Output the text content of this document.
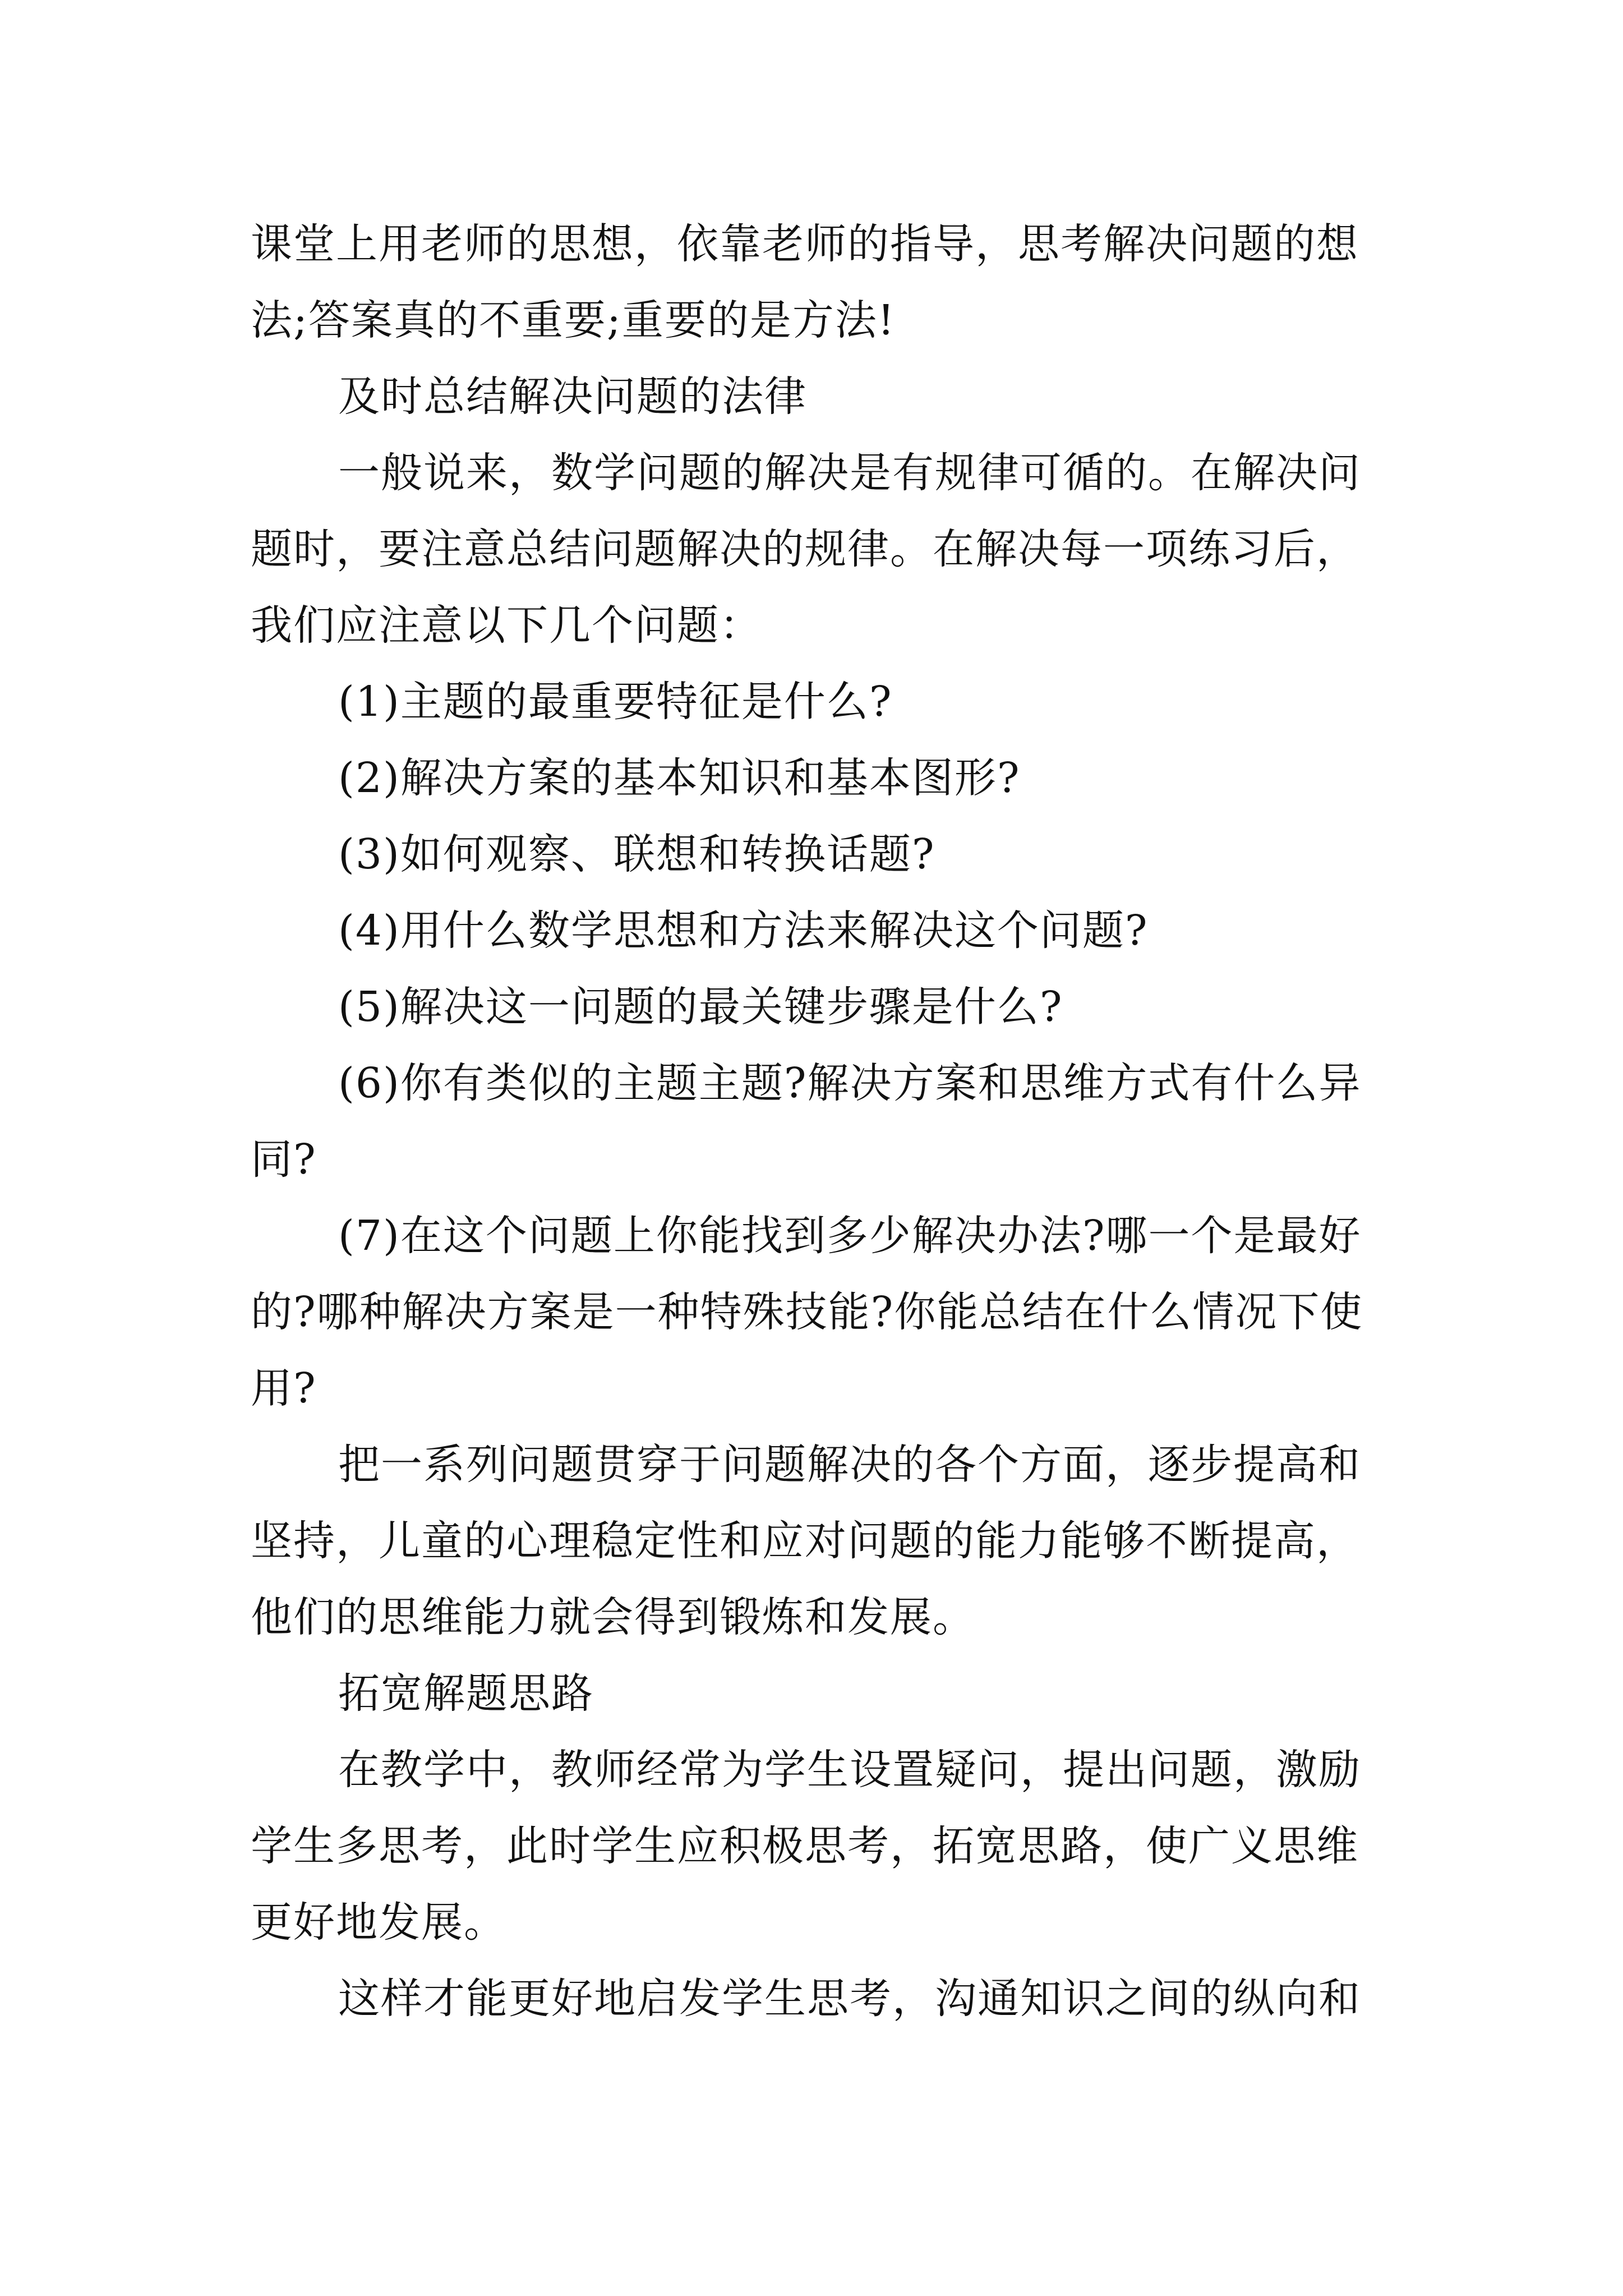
课堂上用老师的思想，依靠老师的指导，思考解决问题的想
法;答案真的不重要;重要的是方法!
及时总结解决问题的法律
一般说来，数学问题的解决是有规律可循的。在解决问
题时，要注意总结问题解决的规律。在解决每一项练习后，
我们应注意以下几个问题：
(1)主题的最重要特征是什么?
(2)解决方案的基本知识和基本图形?
(3)如何观察、联想和转换话题?
(4)用什么数学思想和方法来解决这个问题?
(5)解决这一问题的最关键步骤是什么?
(6)你有类似的主题主题?解决方案和思维方式有什么异
同?
(7)在这个问题上你能找到多少解决办法?哪一个是最好
的?哪种解决方案是一种特殊技能?你能总结在什么情况下使
用?
把一系列问题贯穿于问题解决的各个方面，逐步提高和
坚持，儿童的心理稳定性和应对问题的能力能够不断提高，
他们的思维能力就会得到锻炼和发展。
拓宽解题思路
在教学中，教师经常为学生设置疑问，提出问题，激励
学生多思考，此时学生应积极思考，拓宽思路，使广义思维
更好地发展。
这样才能更好地启发学生思考，沟通知识之间的纵向和
